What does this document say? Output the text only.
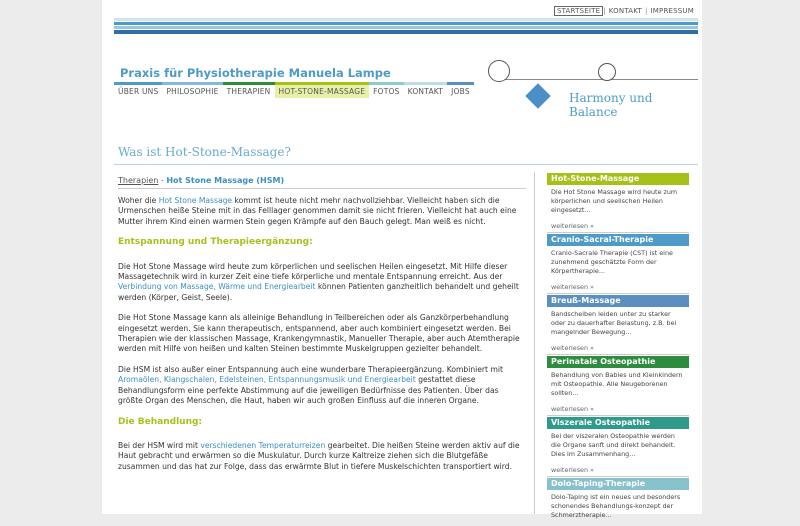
STARTSEITE | KONTAKT | IMPRESSUM
Praxis für Physiotherapie Manuela Lampe
ÜBER UNS	PHILOSOPHIE	THERAPIEN	HOT-STONE-MASSAGE	FOTOS	KONTAKT	JOBS	Harmony und Balance
Was ist Hot-Stone-Massage?
Therapien - Hot Stone Massage (HSM)

Woher die Hot Stone Massage kommt ist heute nicht mehr nachvollziehbar. Vielleicht haben sich die Urmenschen heiße Steine mit in das Felllager genommen damit sie nicht frieren. Vielleicht hat auch eine Mutter ihrem Kind einen warmen Stein gegen Krämpfe auf den Bauch gelegt. Man weiß es nicht.

Entspannung und Therapieergänzung:

Die Hot Stone Massage wird heute zum körperlichen und seelischen Heilen eingesetzt. Mit Hilfe dieser Massagetechnik wird in kurzer Zeit eine tiefe körperliche und mentale Entspannung erreicht. Aus der Verbindung von Massage, Wärme und Energiearbeit können Patienten ganzheitlich behandelt und geheilt werden (Körper, Geist, Seele).

Die Hot Stone Massage kann als alleinige Behandlung in Teilbereichen oder als Ganzkörperbehandlung eingesetzt werden. Sie kann therapeutisch, entspannend, aber auch kombiniert eingesetzt werden. Bei Therapien wie der klassischen Massage, Krankengymnastik, Manueller Therapie, aber auch Atemtherapie werden mit Hilfe von heißen und kalten Steinen bestimmte Muskelgruppen gezielter behandelt.

Die HSM ist also außer einer Entspannung auch eine wunderbare Therapieergänzung. Kombiniert mit Aromaölen, Klangschalen, Edelsteinen, Entspannungsmusik und Energiearbeit gestattet diese Behandlungsform eine perfekte Abstimmung auf die jeweiligen Bedürfnisse des Patienten. Über das größte Organ des Menschen, die Haut, haben wir auch großen Einfluss auf die inneren Organe.

Die Behandlung:

Bei der HSM wird mit verschiedenen Temperaturreizen gearbeitet. Die heißen Steine werden aktiv auf die Haut gebracht und erwärmen so die Muskulatur. Durch kurze Kaltreize ziehen sich die Blutgefäße zusammen und das hat zur Folge, dass das erwärmte Blut in tiefere Muskelschichten transportiert wird.

Hot-Stone-Massage
Die Hot Stone Massage wird heute zum körperlichen und seelischen Heilen eingesetzt...
weiterlesen »
Cranio-Sacral-Therapie
Cranio-Sacrale Therapie (CST) ist eine zunehmend geschätzte Form der Körpertherapie...
weiterlesen »
Breuß-Massage
Bandscheiben leiden unter zu starker oder zu dauerhafter Belastung, z.B. bei mangelnder Bewegung...
weiterlesen »
Perinatale Osteopathie
Behandlung von Babies und Kleinkindern mit Osteopathie. Alle Neugeborenen sollten...
weiterlesen »
Viszerale Osteopathie
Bei der viszeralen Osteopathie werden die Organe sanft und direkt behandelt. Dies im Zusammenhang...
weiterlesen »
Dolo-Taping-Therapie
Dolo-Taping ist ein neues und besonders schonendes Behandlungs-konzept der Schmerztherapie...
